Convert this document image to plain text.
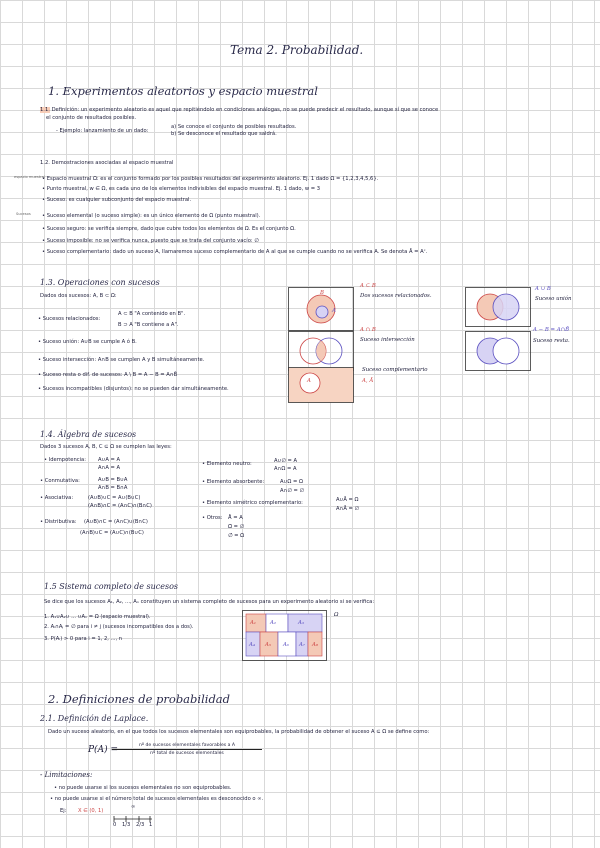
Tema 2. Probabilidad.
1. Experimentos aleatorios y espacio muestral
1.1. Definición: un experimento aleatorio es aquel que repitiéndolo en condiciones análogas, no se puede predecir el resultado, aunque sí que se conoce
el conjunto de resultados posibles.
- Ejemplo: lanzamiento de un dado:
a) Se conoce el conjunto de posibles resultados.
b) Se desconoce el resultado que saldrá.
1.2. Demostraciones asociadas al espacio muestral
espacio muestral
Sucesos
• Espacio muestral Ω: es el conjunto formado por los posibles resultados del experimento aleatorio. Ej. 1 dado Ω = {1,2,3,4,5,6}.
• Punto muestral, w ∈ Ω, es cada uno de los elementos indivisibles del espacio muestral. Ej. 1 dado, w = 3
• Suceso: es cualquier subconjunto del espacio muestral.
• Suceso elemental (o suceso simple): es un único elemento de Ω (punto muestral).
• Suceso seguro: se verifica siempre, dado que cubre todos los elementos de Ω. Es el conjunto Ω.
• Suceso imposible: no se verifica nunca, puesto que se trata del conjunto vacío: ∅
• Suceso complementario: dado un suceso A, llamaremos suceso complementario de A al que se cumple cuando no se verifica A. Se denota Ā = Aᶜ.
1.3. Operaciones con sucesos
Dados dos sucesos: A, B ⊂ Ω:
• Sucesos relacionados:
A ⊂ B "A contenido en B".
B ⊃ A "B contiene a A".
• Suceso unión: A∪B se cumple A ó B.
• Suceso intersección: A∩B se cumplen A y B simultáneamente.
• Suceso resta o dif. de sucesos: A \ B = A − B = A∩B̄
• Sucesos incompatibles (disjuntos): no se pueden dar simultáneamente.
B
A
A ⊂ B
Dos sucesos relacionados.
A ∪ B
Suceso unión
A ∩ B
Suceso intersección
A − B = A∩B̄
Suceso resta.
A
Suceso complementario
A, Ā
1.4. Álgebra de sucesos
Dados 3 sucesos A, B, C ⊆ Ω se cumplen las leyes:
• Idempotencia: A∪A = A
A∩A = A
• Conmutativa:	A∪B = B∪A
A∩B = B∩A
• Asociativa:	(A∪B)∪C = A∪(B∪C)
(A∩B)∩C = (A∩C)∩(B∩C)
• Distributiva: (A∪B)∩C = (A∩C)∪(B∩C)
(A∩B)∪C = (A∪C)∩(B∪C)
• Elemento neutro:	A∪∅ = A
A∩Ω = A
• Elemento absorbente:	A∪Ω = Ω
A∩∅ = ∅
• Elemento simétrico complementario:	A∪Ā = Ω
A∩Ā = ∅
• Otros: Ā̄ = A
Ω̄ = ∅
∅̄ = Ω
1.5 Sistema completo de sucesos
Se dice que los sucesos A₁, A₂, ..., Aₙ constituyen un sistema completo de sucesos para un experimento aleatorio si se verifica:
1. A₁∪A₂∪ ... ∪Aₙ = Ω (espacio muestral).
2. Aᵢ∩Aⱼ = ∅ para i ≠ j (sucesos incompatibles dos a dos).
3. P(Aᵢ) > 0 para i = 1, 2, ..., n
A₁	A₂	A₃
A₄ A₅ A₆ A₇ A₈
Ω
2. Definiciones de probabilidad
2.1. Definición de Laplace.
Dado un suceso aleatorio, en el que todos los sucesos elementales son equiprobables, la probabilidad de obtener el suceso A ⊆ Ω se define como:
P(A) =	nº de sucesos elementales favorables a A
nº total de sucesos elementales
- Limitaciones:
• no puede usarse si los sucesos elementales no son equiprobables.
• no puede usarse si el número total de sucesos elementales es desconocido o ∞.
Ej: X ∈ (0, 1)
∞
0 1/3 2/3 1
